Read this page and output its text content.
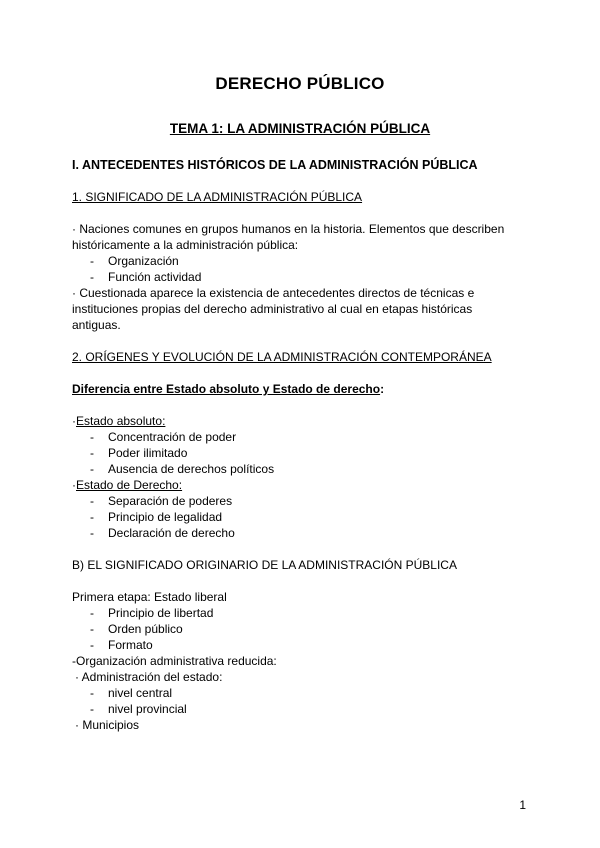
DERECHO PÚBLICO
TEMA 1: LA ADMINISTRACIÓN PÚBLICA
I. ANTECEDENTES HISTÓRICOS DE LA ADMINISTRACIÓN PÚBLICA
1. SIGNIFICADO DE LA ADMINISTRACIÓN PÚBLICA
· Naciones comunes en grupos humanos en la historia. Elementos que describen
históricamente a la administración pública:
- Organización
- Función actividad
· Cuestionada aparece la existencia de antecedentes directos de técnicas e
instituciones propias del derecho administrativo al cual en etapas históricas
antiguas.
2. ORÍGENES Y EVOLUCIÓN DE LA ADMINISTRACIÓN CONTEMPORÁNEA
Diferencia entre Estado absoluto y Estado de derecho:
·Estado absoluto:
- Concentración de poder
- Poder ilimitado
- Ausencia de derechos políticos
·Estado de Derecho:
- Separación de poderes
- Principio de legalidad
- Declaración de derecho
B) EL SIGNIFICADO ORIGINARIO DE LA ADMINISTRACIÓN PÚBLICA
Primera etapa: Estado liberal
- Principio de libertad
- Orden público
- Formato
-Organización administrativa reducida:
· Administración del estado:
- nivel central
- nivel provincial
· Municipios
1
